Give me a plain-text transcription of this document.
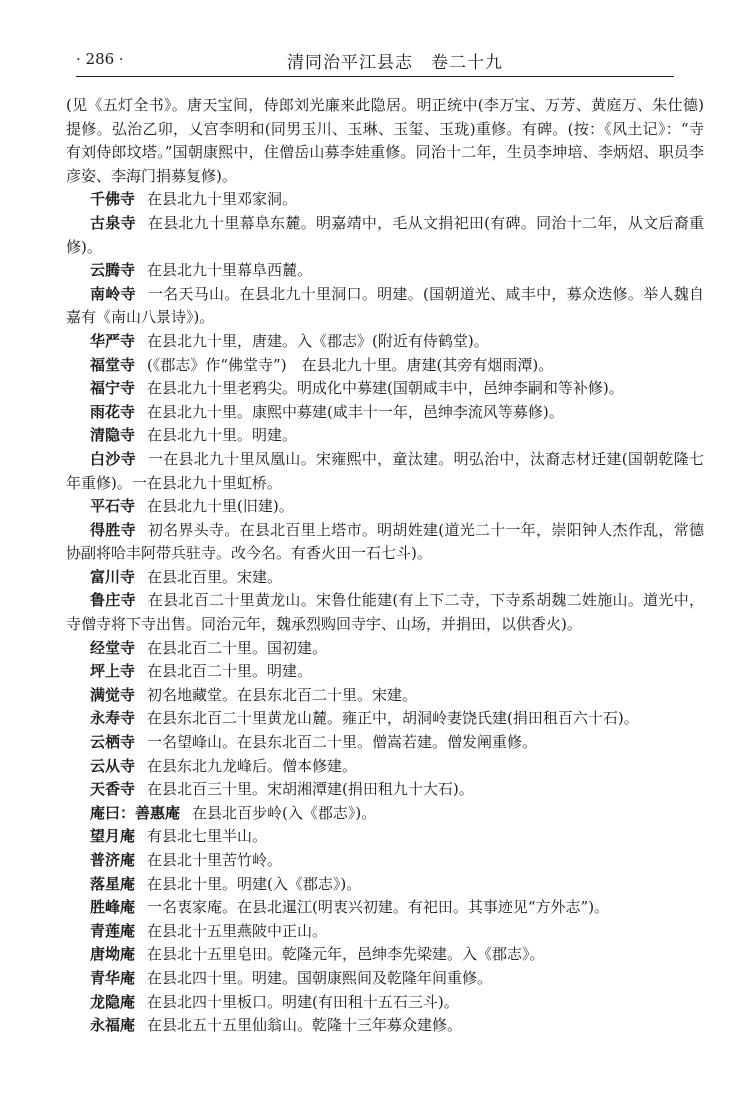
· 286 ·	清同治平江县志　卷二十九

(见《五灯全书》。唐天宝间，侍郎刘光廉来此隐居。明正统中(李万宝、万芳、黄庭万、朱仕德)提修。弘治乙卯，乂宫李明和(同男玉川、玉琳、玉玺、玉珑)重修。有碑。(按：《风土记》：“寺有刘侍郎坟塔。”国朝康熙中，住僧岳山募李娃重修。同治十二年，生员李坤培、李炳炤、职员李彦姿、李海门捐募复修)。

千佛寺 在县北九十里邓家洞。

古泉寺 在县北九十里幕阜东麓。明嘉靖中，毛从文捐祀田(有碑。同治十二年，从文后裔重修)。

云腾寺 在县北九十里幕阜西麓。

南岭寺 一名天马山。在县北九十里洞口。明建。(国朝道光、咸丰中，募众迭修。举人魏自嘉有《南山八景诗》)。

华严寺 在县北九十里，唐建。入《郡志》(附近有侍鹤堂)。

福堂寺 (《郡志》作“佛堂寺”)　在县北九十里。唐建(其旁有烟雨潭)。

福宁寺 在县北九十里老鸦尖。明成化中募建(国朝咸丰中，邑绅李嗣和等补修)。

雨花寺 在县北九十里。康熙中募建(咸丰十一年，邑绅李流风等募修)。

清隐寺 在县北九十里。明建。

白沙寺 一在县北九十里凤凰山。宋雍熙中，童汰建。明弘治中，汰裔志材迁建(国朝乾隆七年重修)。一在县北九十里虹桥。

平石寺 在县北九十里(旧建)。

得胜寺 初名界头寺。在县北百里上塔市。明胡姓建(道光二十一年，崇阳钟人杰作乱，常德协副将哈丰阿带兵驻寺。改今名。有香火田一石七斗)。

富川寺 在县北百里。宋建。

鲁庄寺 在县北百二十里黄龙山。宋鲁仕能建(有上下二寺，下寺系胡魏二姓施山。道光中，寺僧寺将下寺出售。同治元年，魏承烈购回寺宇、山场，并捐田，以供香火)。

经堂寺 在县北百二十里。国初建。

坪上寺 在县北百二十里。明建。

满觉寺 初名地藏堂。在县东北百二十里。宋建。

永寿寺 在县东北百二十里黄龙山麓。雍正中，胡洞岭妻饶氏建(捐田租百六十石)。

云栖寺 一名望峰山。在县东北百二十里。僧嵩若建。僧发阐重修。

云从寺 在县东北九龙峰后。僧本修建。

天香寺 在县北百三十里。宋胡湘潭建(捐田租九十大石)。

庵曰：善惠庵 在县北百步岭(入《郡志》)。

望月庵 有县北七里半山。

普济庵 在县北十里苦竹岭。

落星庵 在县北十里。明建(入《郡志》)。

胜峰庵 一名衷家庵。在县北暹江(明衷兴初建。有祀田。其事迹见“方外志”)。

青莲庵 在县北十五里燕陂中正山。

唐坳庵 在县北十五里皂田。乾隆元年，邑绅李先梁建。入《郡志》。

青华庵 在县北四十里。明建。国朝康熙间及乾隆年间重修。

龙隐庵 在县北四十里板口。明建(有田租十五石三斗)。

永福庵 在县北五十五里仙翁山。乾隆十三年募众建修。
